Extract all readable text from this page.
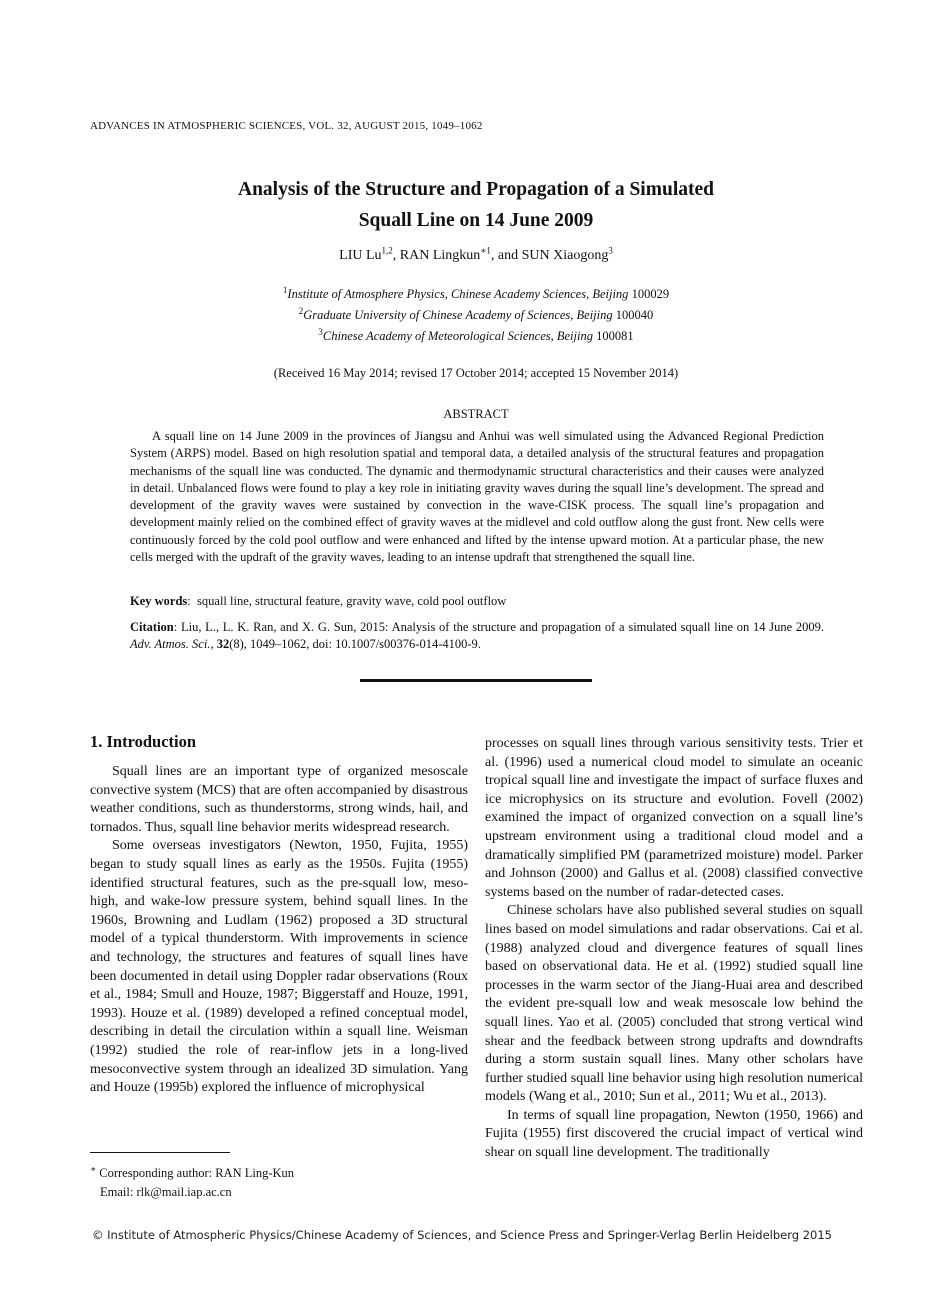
ADVANCES IN ATMOSPHERIC SCIENCES, VOL. 32, AUGUST 2015, 1049–1062
Analysis of the Structure and Propagation of a Simulated
Squall Line on 14 June 2009
LIU Lu$^{1,2}$, RAN Lingkun$^{∗1}$, and SUN Xiaogong$^3$
$^1$Institute of Atmosphere Physics, Chinese Academy Sciences, Beijing 100029
$^2$Graduate University of Chinese Academy of Sciences, Beijing 100040
$^3$Chinese Academy of Meteorological Sciences, Beijing 100081
(Received 16 May 2014; revised 17 October 2014; accepted 15 November 2014)
ABSTRACT
A squall line on 14 June 2009 in the provinces of Jiangsu and Anhui was well simulated using the Advanced Regional Prediction System (ARPS) model. Based on high resolution spatial and temporal data, a detailed analysis of the structural features and propagation mechanisms of the squall line was conducted. The dynamic and thermodynamic structural characteristics and their causes were analyzed in detail. Unbalanced flows were found to play a key role in initiating gravity waves during the squall line’s development. The spread and development of the gravity waves were sustained by convection in the wave-CISK process. The squall line’s propagation and development mainly relied on the combined effect of gravity waves at the midlevel and cold outflow along the gust front. New cells were continuously forced by the cold pool outflow and were enhanced and lifted by the intense upward motion. At a particular phase, the new cells merged with the updraft of the gravity waves, leading to an intense updraft that strengthened the squall line.
Key words:  squall line, structural feature, gravity wave, cold pool outflow
Citation: Liu, L., L. K. Ran, and X. G. Sun, 2015: Analysis of the structure and propagation of a simulated squall line on 14 June 2009. Adv. Atmos. Sci., 32(8), 1049–1062, doi: 10.1007/s00376-014-4100-9.
1. Introduction

Squall lines are an important type of organized mesoscale convective system (MCS) that are often accompanied by disastrous weather conditions, such as thunderstorms, strong winds, hail, and tornados. Thus, squall line behavior merits widespread research.

Some overseas investigators (Newton, 1950, Fujita, 1955) began to study squall lines as early as the 1950s. Fujita (1955) identified structural features, such as the pre-squall low, meso-high, and wake-low pressure system, behind squall lines. In the 1960s, Browning and Ludlam (1962) proposed a 3D structural model of a typical thunderstorm. With improvements in science and technology, the structures and features of squall lines have been documented in detail using Doppler radar observations (Roux et al., 1984; Smull and Houze, 1987; Biggerstaff and Houze, 1991, 1993). Houze et al. (1989) developed a refined conceptual model, describing in detail the circulation within a squall line. Weisman (1992) studied the role of rear-inflow jets in a long-lived mesoconvective system through an idealized 3D simulation. Yang and Houze (1995b) explored the influence of microphysical

processes on squall lines through various sensitivity tests. Trier et al. (1996) used a numerical cloud model to simulate an oceanic tropical squall line and investigate the impact of surface fluxes and ice microphysics on its structure and evolution. Fovell (2002) examined the impact of organized convection on a squall line’s upstream environment using a traditional cloud model and a dramatically simplified PM (parametrized moisture) model. Parker and Johnson (2000) and Gallus et al. (2008) classified convective systems based on the number of radar-detected cases.

Chinese scholars have also published several studies on squall lines based on model simulations and radar observations. Cai et al. (1988) analyzed cloud and divergence features of squall lines based on observational data. He et al. (1992) studied squall line processes in the warm sector of the Jiang-Huai area and described the evident pre-squall low and weak mesoscale low behind the squall lines. Yao et al. (2005) concluded that strong vertical wind shear and the feedback between strong updrafts and downdrafts during a storm sustain squall lines. Many other scholars have further studied squall line behavior using high resolution numerical models (Wang et al., 2010; Sun et al., 2011; Wu et al., 2013).

In terms of squall line propagation, Newton (1950, 1966) and Fujita (1955) first discovered the crucial impact of vertical wind shear on squall line development. The traditionally

∗ Corresponding author: RAN Ling-Kun
Email: rlk@mail.iap.ac.cn
© Institute of Atmospheric Physics/Chinese Academy of Sciences, and Science Press and Springer-Verlag Berlin Heidelberg 2015
